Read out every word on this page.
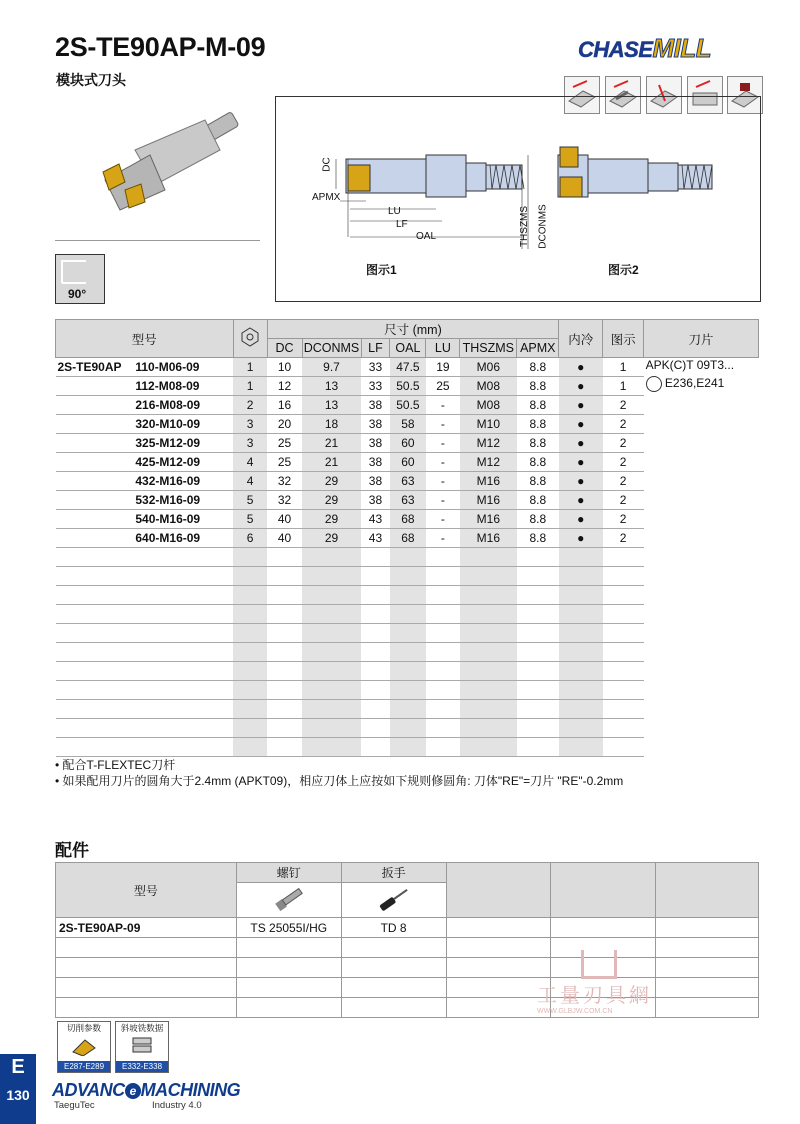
2S-TE90AP-M-09
模块式刀头
CHASEMILL
90°
DC
APMX
LU
LF
OAL	THSZMS DCONMS
图示1	图示2
型号			尺寸 (mm)							内冷	图示	刀片
			DC	DCONMS	LF	OAL	LU	THSZMS	APMX			
2S-TE90AP	110-M06-09	1	10	9.7	33	47.5	19	M06	8.8	●	1	APK(C)T 09T3...
E236,E241

	112-M08-09	1	12	13	33	50.5	25	M08	8.8	●	1	
	216-M08-09	2	16	13	38	50.5	-	M08	8.8	●	2	
	320-M10-09	3	20	18	38	58	-	M10	8.8	●	2	
	325-M12-09	3	25	21	38	60	-	M12	8.8	●	2	
	425-M12-09	4	25	21	38	60	-	M12	8.8	●	2	
	432-M16-09	4	32	29	38	63	-	M16	8.8	●	2	
	532-M16-09	5	32	29	38	63	-	M16	8.8	●	2	
	540-M16-09	5	40	29	43	68	-	M16	8.8	●	2	
	640-M16-09	6	40	29	43	68	-	M16	8.8	●	2	

• 配合T-FLEXTEC刀杆
• 如果配用刀片的圆角大于2.4mm (APKT09)，相应刀体上应按如下规则修圆角: 刀体"RE"=刀片 "RE"-0.2mm
配件
型号	螺钉	扳手			

2S-TE90AP-09	TS 25055I/HG	TD 8			

工量刃具網
WWW.GLBJW.COM.CN
切削参数
E287-E289
斜坡铣数据
E332-E338
E
130	ADVANC e MACHINING
TaeguTec	Industry 4.0
